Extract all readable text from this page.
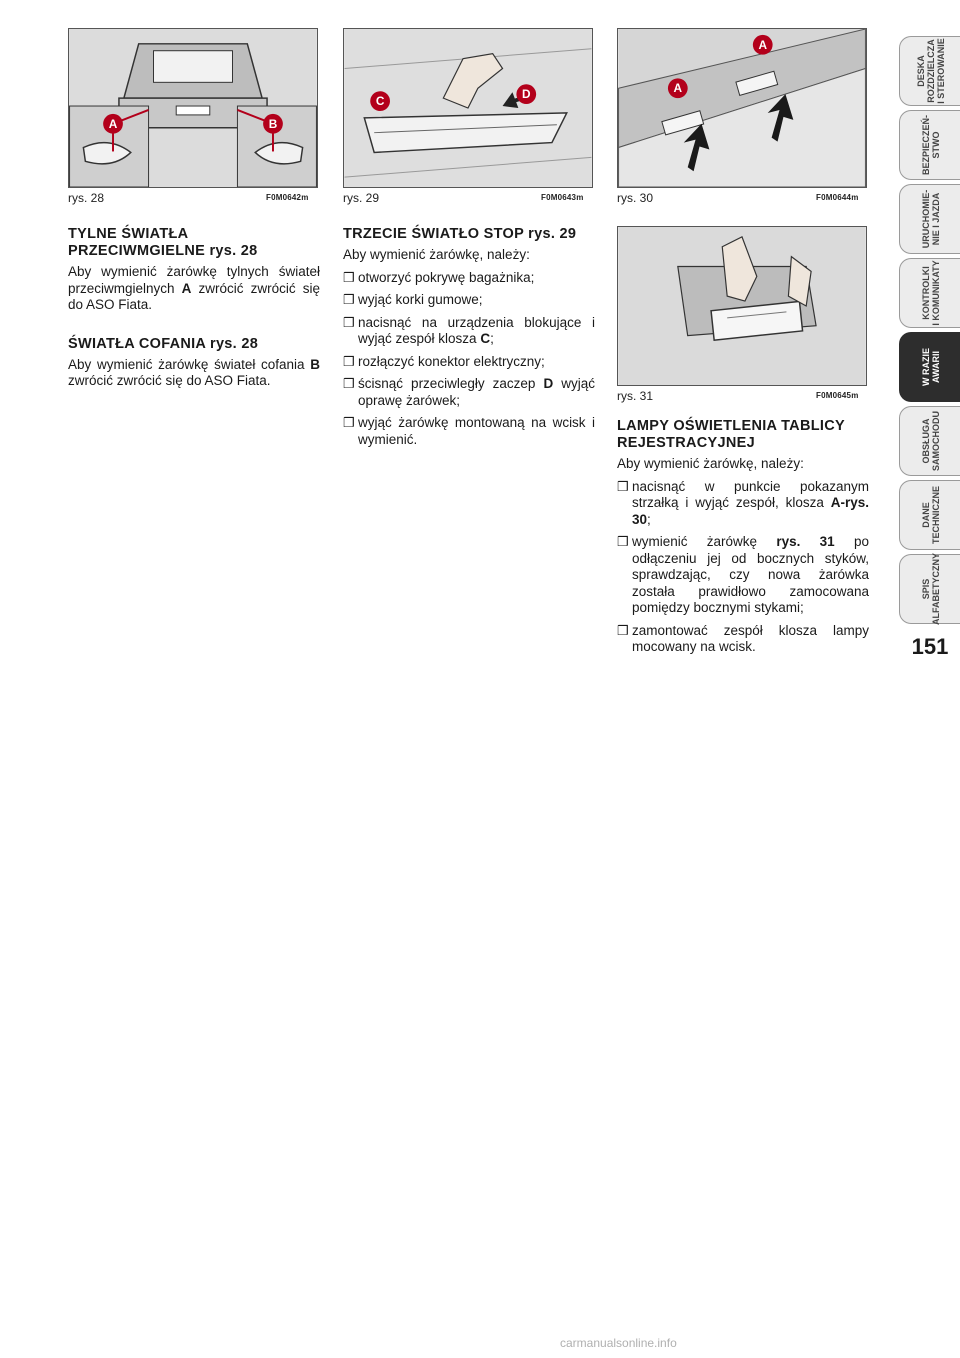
A	B
rys. 28	F0M0642m
C	D
rys. 29	F0M0643m
A
A
rys. 30	F0M0644m
rys. 31	F0M0645m
TYLNE ŚWIATŁA PRZECIWMGIELNE rys. 28

Aby wymienić żarówkę tylnych świateł przeciwmgielnych A zwrócić zwrócić się do ASO Fiata.

ŚWIATŁA COFANIA rys. 28

Aby wymienić żarówkę świateł cofania B zwrócić zwrócić się do ASO Fiata.

TRZECIE ŚWIATŁO STOP rys. 29

Aby wymienić żarówkę, należy:

❒ otworzyć pokrywę bagażnika;
❒ wyjąć korki gumowe;
❒ nacisnąć na urządzenia blokujące i wyjąć zespół klosza C;
❒ rozłączyć konektor elektryczny;
❒ ścisnąć przeciwległy zaczep D wyjąć oprawę żarówek;
❒ wyjąć żarówkę montowaną na wcisk i wymienić.
LAMPY OŚWIETLENIA TABLICY REJESTRACYJNEJ

Aby wymienić żarówkę, należy:

❒ nacisnąć w punkcie pokazanym strzałką i wyjąć zespół, klosza A-rys. 30;
❒ wymienić żarówkę rys. 31 po odłączeniu jej od bocznych styków, sprawdzając, czy nowa żarówka została prawidłowo zamocowana pomiędzy bocznymi stykami;
❒ zamontować zespół klosza lampy mocowany na wcisk.
DESKA
ROZDZIELCZA
I STEROWANIE
BEZPIECZEŃ-
STWO
URUCHOMIE-
NIE I JAZDA
KONTROLKI
I KOMUNIKATY
W RAZIE
AWARII
OBSŁUGA
SAMOCHODU
DANE
TECHNICZNE
SPIS
ALFABETYCZNY
151
carmanualsonline.info
